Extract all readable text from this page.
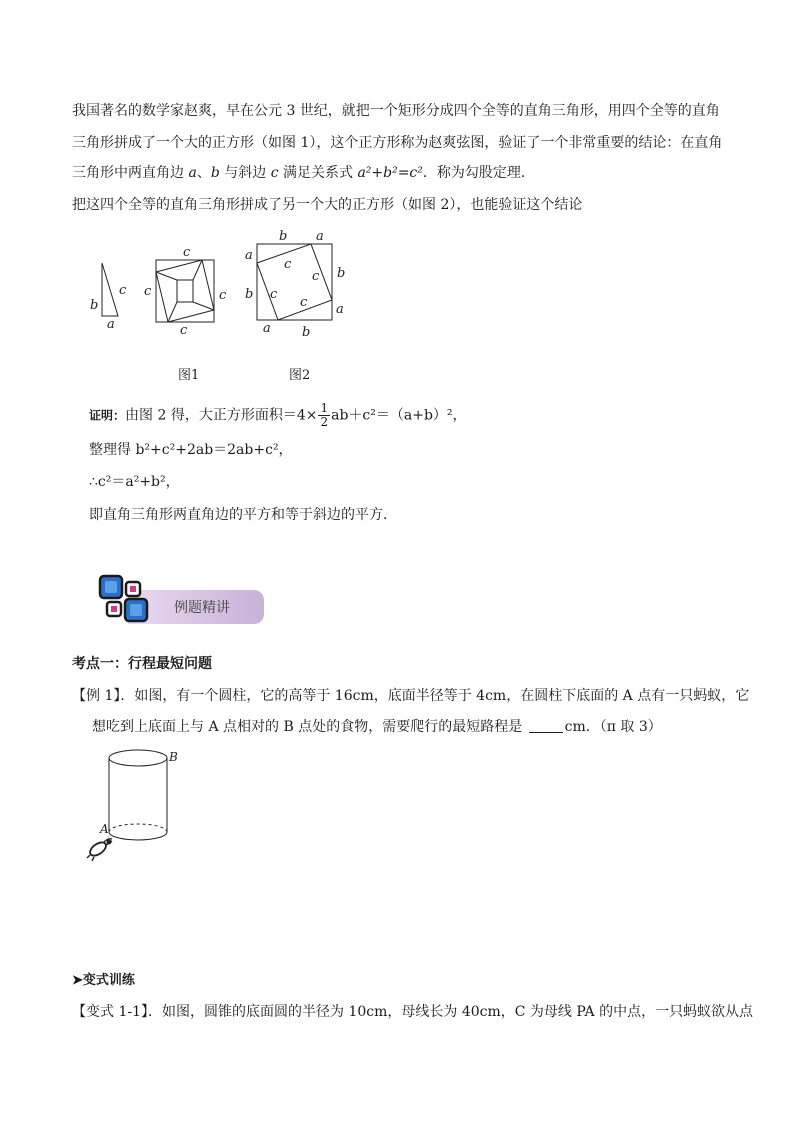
我国著名的数学家赵爽，早在公元 3 世纪，就把一个矩形分成四个全等的直角三角形，用四个全等的直角
三角形拼成了一个大的正方形（如图 1），这个正方形称为赵爽弦图，验证了一个非常重要的结论：在直角
三角形中两直角边 a、b 与斜边 c 满足关系式 a²+b²=c²．称为勾股定理．
把这四个全等的直角三角形拼成了另一个大的正方形（如图 2），也能验证这个结论
b
c
a
c
c	c
c
b a
a
b
b
a
a b
c
c
c
c
图1	图2
证明：由图 2 得，大正方形面积$=4\times \frac{1}{2} ab+c^2=(a+b)^2$，
整理得 b²+c²+2ab＝2ab+c²，
∴c²＝a²+b²，
即直角三角形两直角边的平方和等于斜边的平方．
例题精讲
考点一：行程最短问题
【例 1】．如图，有一个圆柱，它的高等于 16cm，底面半径等于 4cm，在圆柱下底面的 A 点有一只蚂蚁，它
想吃到上底面上与 A 点相对的 B 点处的食物，需要爬行的最短路程是	cm．（π 取 3）
A
B
➤变式训练
【变式 1-1】．如图，圆锥的底面圆的半径为 10cm，母线长为 40cm，C 为母线 PA 的中点，一只蚂蚁欲从点
